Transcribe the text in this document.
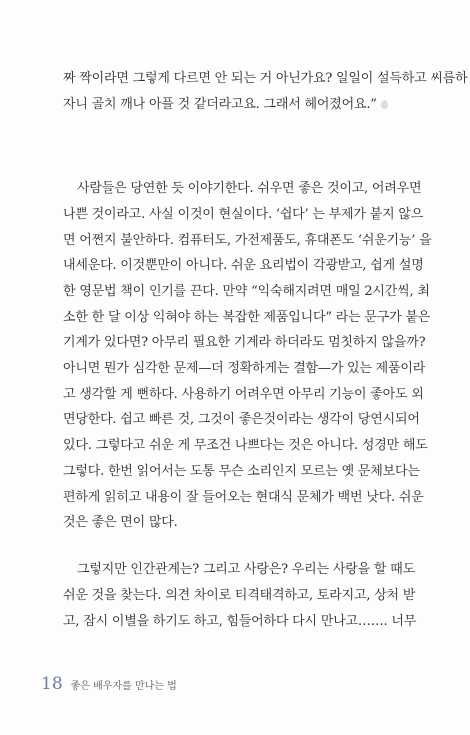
짜 짝이라면 그렇게 다르면 안 되는 거 아닌가요? 일일이 설득하고 씨름하
자니 골치 깨나 아플 것 같더라고요. 그래서 헤어졌어요.”
사람들은 당연한 듯 이야기한다. 쉬우면 좋은 것이고, 어려우면
나쁜 것이라고. 사실 이것이 현실이다. ‘쉽다’ 는 부제가 붙지 않으
면 어쩐지 불안하다. 컴퓨터도, 가전제품도, 휴대폰도 ‘쉬운기능’ 을
내세운다. 이것뿐만이 아니다. 쉬운 요리법이 각광받고, 쉽게 설명
한 영문법 책이 인기를 끈다. 만약 “익숙해지려면 매일 2시간씩, 최
소한 한 달 이상 익혀야 하는 복잡한 제품입니다” 라는 문구가 붙은
기계가 있다면? 아무리 필요한 기계라 하더라도 멈칫하지 않을까?
아니면 뭔가 심각한 문제—더 정확하게는 결함—가 있는 제품이라
고 생각할 게 뻔하다. 사용하기 어려우면 아무리 기능이 좋아도 외
면당한다. 쉽고 빠른 것, 그것이 좋은것이라는 생각이 당연시되어
있다. 그렇다고 쉬운 게 무조건 나쁘다는 것은 아니다. 성경만 해도
그렇다. 한번 읽어서는 도통 무슨 소리인지 모르는 옛 문체보다는
편하게 읽히고 내용이 잘 들어오는 현대식 문체가 백번 낫다. 쉬운
것은 좋은 면이 많다.
그렇지만 인간관계는? 그리고 사랑은? 우리는 사랑을 할 때도
쉬운 것을 찾는다. 의견 차이로 티격태격하고, 토라지고, 상처 받
고, 잠시 이별을 하기도 하고, 힘들어하다 다시 만나고……. 너무
18 좋은 배우자를 만나는 법
